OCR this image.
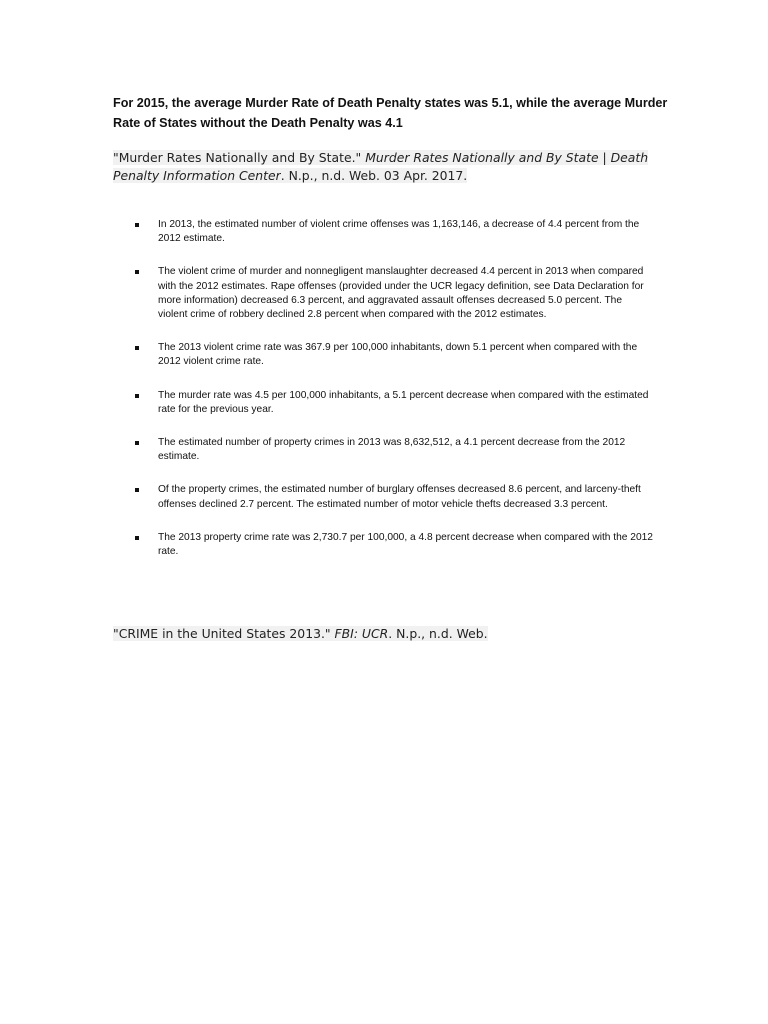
For 2015, the average Murder Rate of Death Penalty states was 5.1, while the average Murder Rate of States without the Death Penalty was 4.1

"Murder Rates Nationally and By State." Murder Rates Nationally and By State | Death Penalty Information Center. N.p., n.d. Web. 03 Apr. 2017.

In 2013, the estimated number of violent crime offenses was 1,163,146, a decrease of 4.4 percent from the 2012 estimate.
The violent crime of murder and nonnegligent manslaughter decreased 4.4 percent in 2013 when compared with the 2012 estimates. Rape offenses (provided under the UCR legacy definition, see Data Declaration for more information) decreased 6.3 percent, and aggravated assault offenses decreased 5.0 percent. The violent crime of robbery declined 2.8 percent when compared with the 2012 estimates.
The 2013 violent crime rate was 367.9 per 100,000 inhabitants, down 5.1 percent when compared with the 2012 violent crime rate.
The murder rate was 4.5 per 100,000 inhabitants, a 5.1 percent decrease when compared with the estimated rate for the previous year.
The estimated number of property crimes in 2013 was 8,632,512, a 4.1 percent decrease from the 2012 estimate.
Of the property crimes, the estimated number of burglary offenses decreased 8.6 percent, and larceny-theft offenses declined 2.7 percent. The estimated number of motor vehicle thefts decreased 3.3 percent.
The 2013 property crime rate was 2,730.7 per 100,000, a 4.8 percent decrease when compared with the 2012 rate.

"CRIME in the United States 2013." FBI: UCR. N.p., n.d. Web.
